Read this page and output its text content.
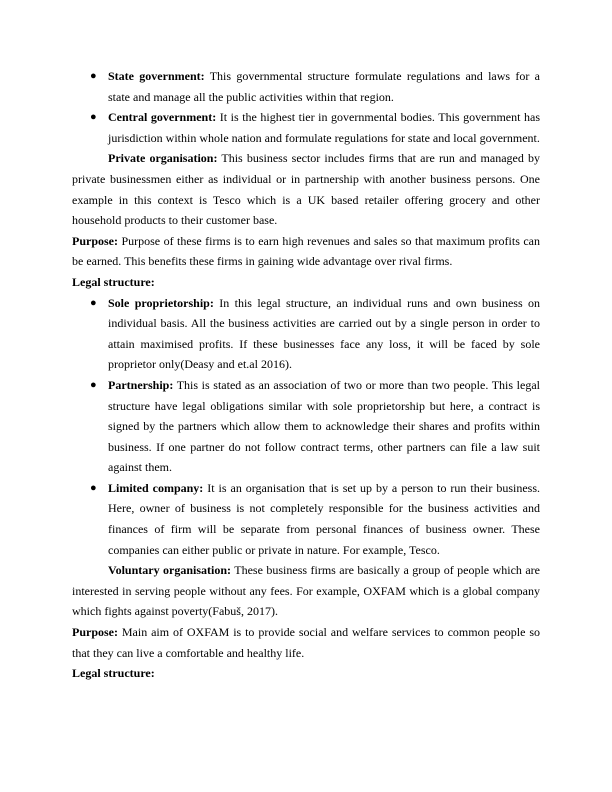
● State government: This governmental structure formulate regulations and laws for a state and manage all the public activities within that region.
● Central government: It is the highest tier in governmental bodies. This government has jurisdiction within whole nation and formulate regulations for state and local government.

Private organisation: This business sector includes firms that are run and managed by private businessmen either as individual or in partnership with another business persons. One example in this context is Tesco which is a UK based retailer offering grocery and other household products to their customer base.

Purpose: Purpose of these firms is to earn high revenues and sales so that maximum profits can be earned. This benefits these firms in gaining wide advantage over rival firms.

Legal structure:

● Sole proprietorship: In this legal structure, an individual runs and own business on individual basis. All the business activities are carried out by a single person in order to attain maximised profits. If these businesses face any loss, it will be faced by sole proprietor only(Deasy and et.al 2016).
● Partnership: This is stated as an association of two or more than two people. This legal structure have legal obligations similar with sole proprietorship but here, a contract is signed by the partners which allow them to acknowledge their shares and profits within business. If one partner do not follow contract terms, other partners can file a law suit against them.
● Limited company: It is an organisation that is set up by a person to run their business. Here, owner of business is not completely responsible for the business activities and finances of firm will be separate from personal finances of business owner. These companies can either public or private in nature. For example, Tesco.

Voluntary organisation: These business firms are basically a group of people which are interested in serving people without any fees. For example, OXFAM which is a global company which fights against poverty(Fabuš, 2017).

Purpose: Main aim of OXFAM is to provide social and welfare services to common people so that they can live a comfortable and healthy life.

Legal structure:
